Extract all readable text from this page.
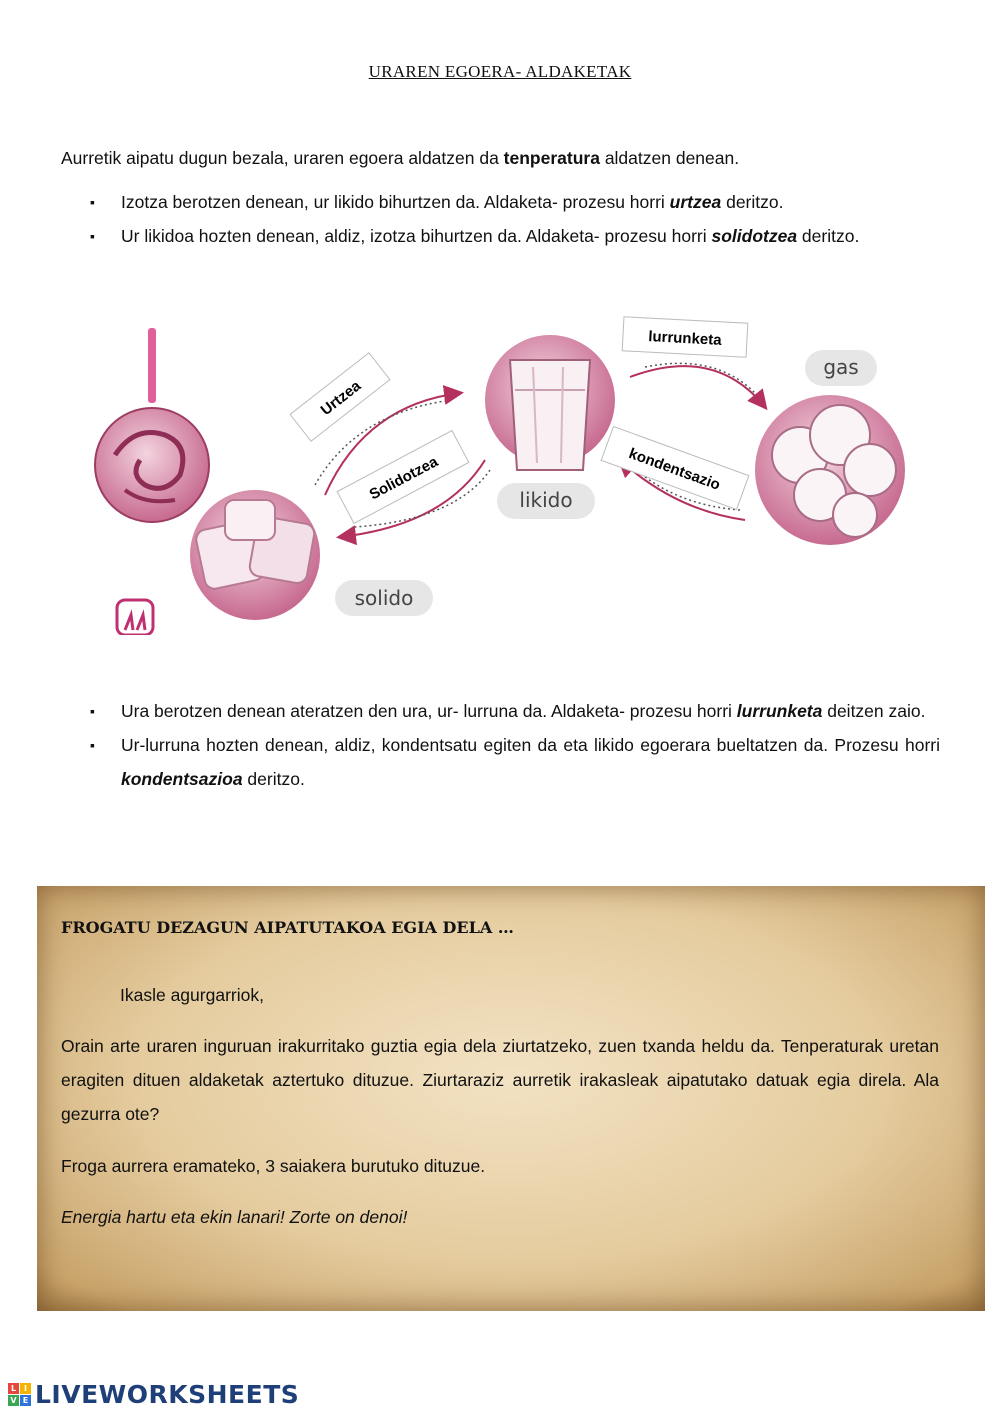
URAREN EGOERA- ALDAKETAK
Aurretik aipatu dugun bezala, uraren egoera aldatzen da tenperatura aldatzen denean.
▪ Izotza berotzen denean, ur likido bihurtzen da. Aldaketa- prozesu horri urtzea deritzo.
▪ Ur likidoa hozten denean, aldiz, izotza bihurtzen da. Aldaketa- prozesu horri solidotzea deritzo.
Urtzea
Solidotzea
lurrunketa
kondentsazio
solido
likido
gas
▪ Ura berotzen denean ateratzen den ura, ur- lurruna da. Aldaketa- prozesu horri lurrunketa deitzen zaio.
▪ Ur-lurruna hozten denean, aldiz, kondentsatu egiten da eta likido egoerara bueltatzen da. Prozesu horri kondentsazioa deritzo.
FROGATU DEZAGUN AIPATUTAKOA EGIA DELA …

Ikasle agurgarriok,

Orain arte uraren inguruan irakurritako guztia egia dela ziurtatzeko, zuen txanda heldu da. Tenperaturak uretan eragiten dituen aldaketak aztertuko dituzue. Ziurtaraziz aurretik irakasleak aipatutako datuak egia direla. Ala gezurra ote?

Froga aurrera eramateko, 3 saiakera burutuko dituzue.

Energia hartu eta ekin lanari! Zorte on denoi!

L I
V E LIVEWORKSHEETS
